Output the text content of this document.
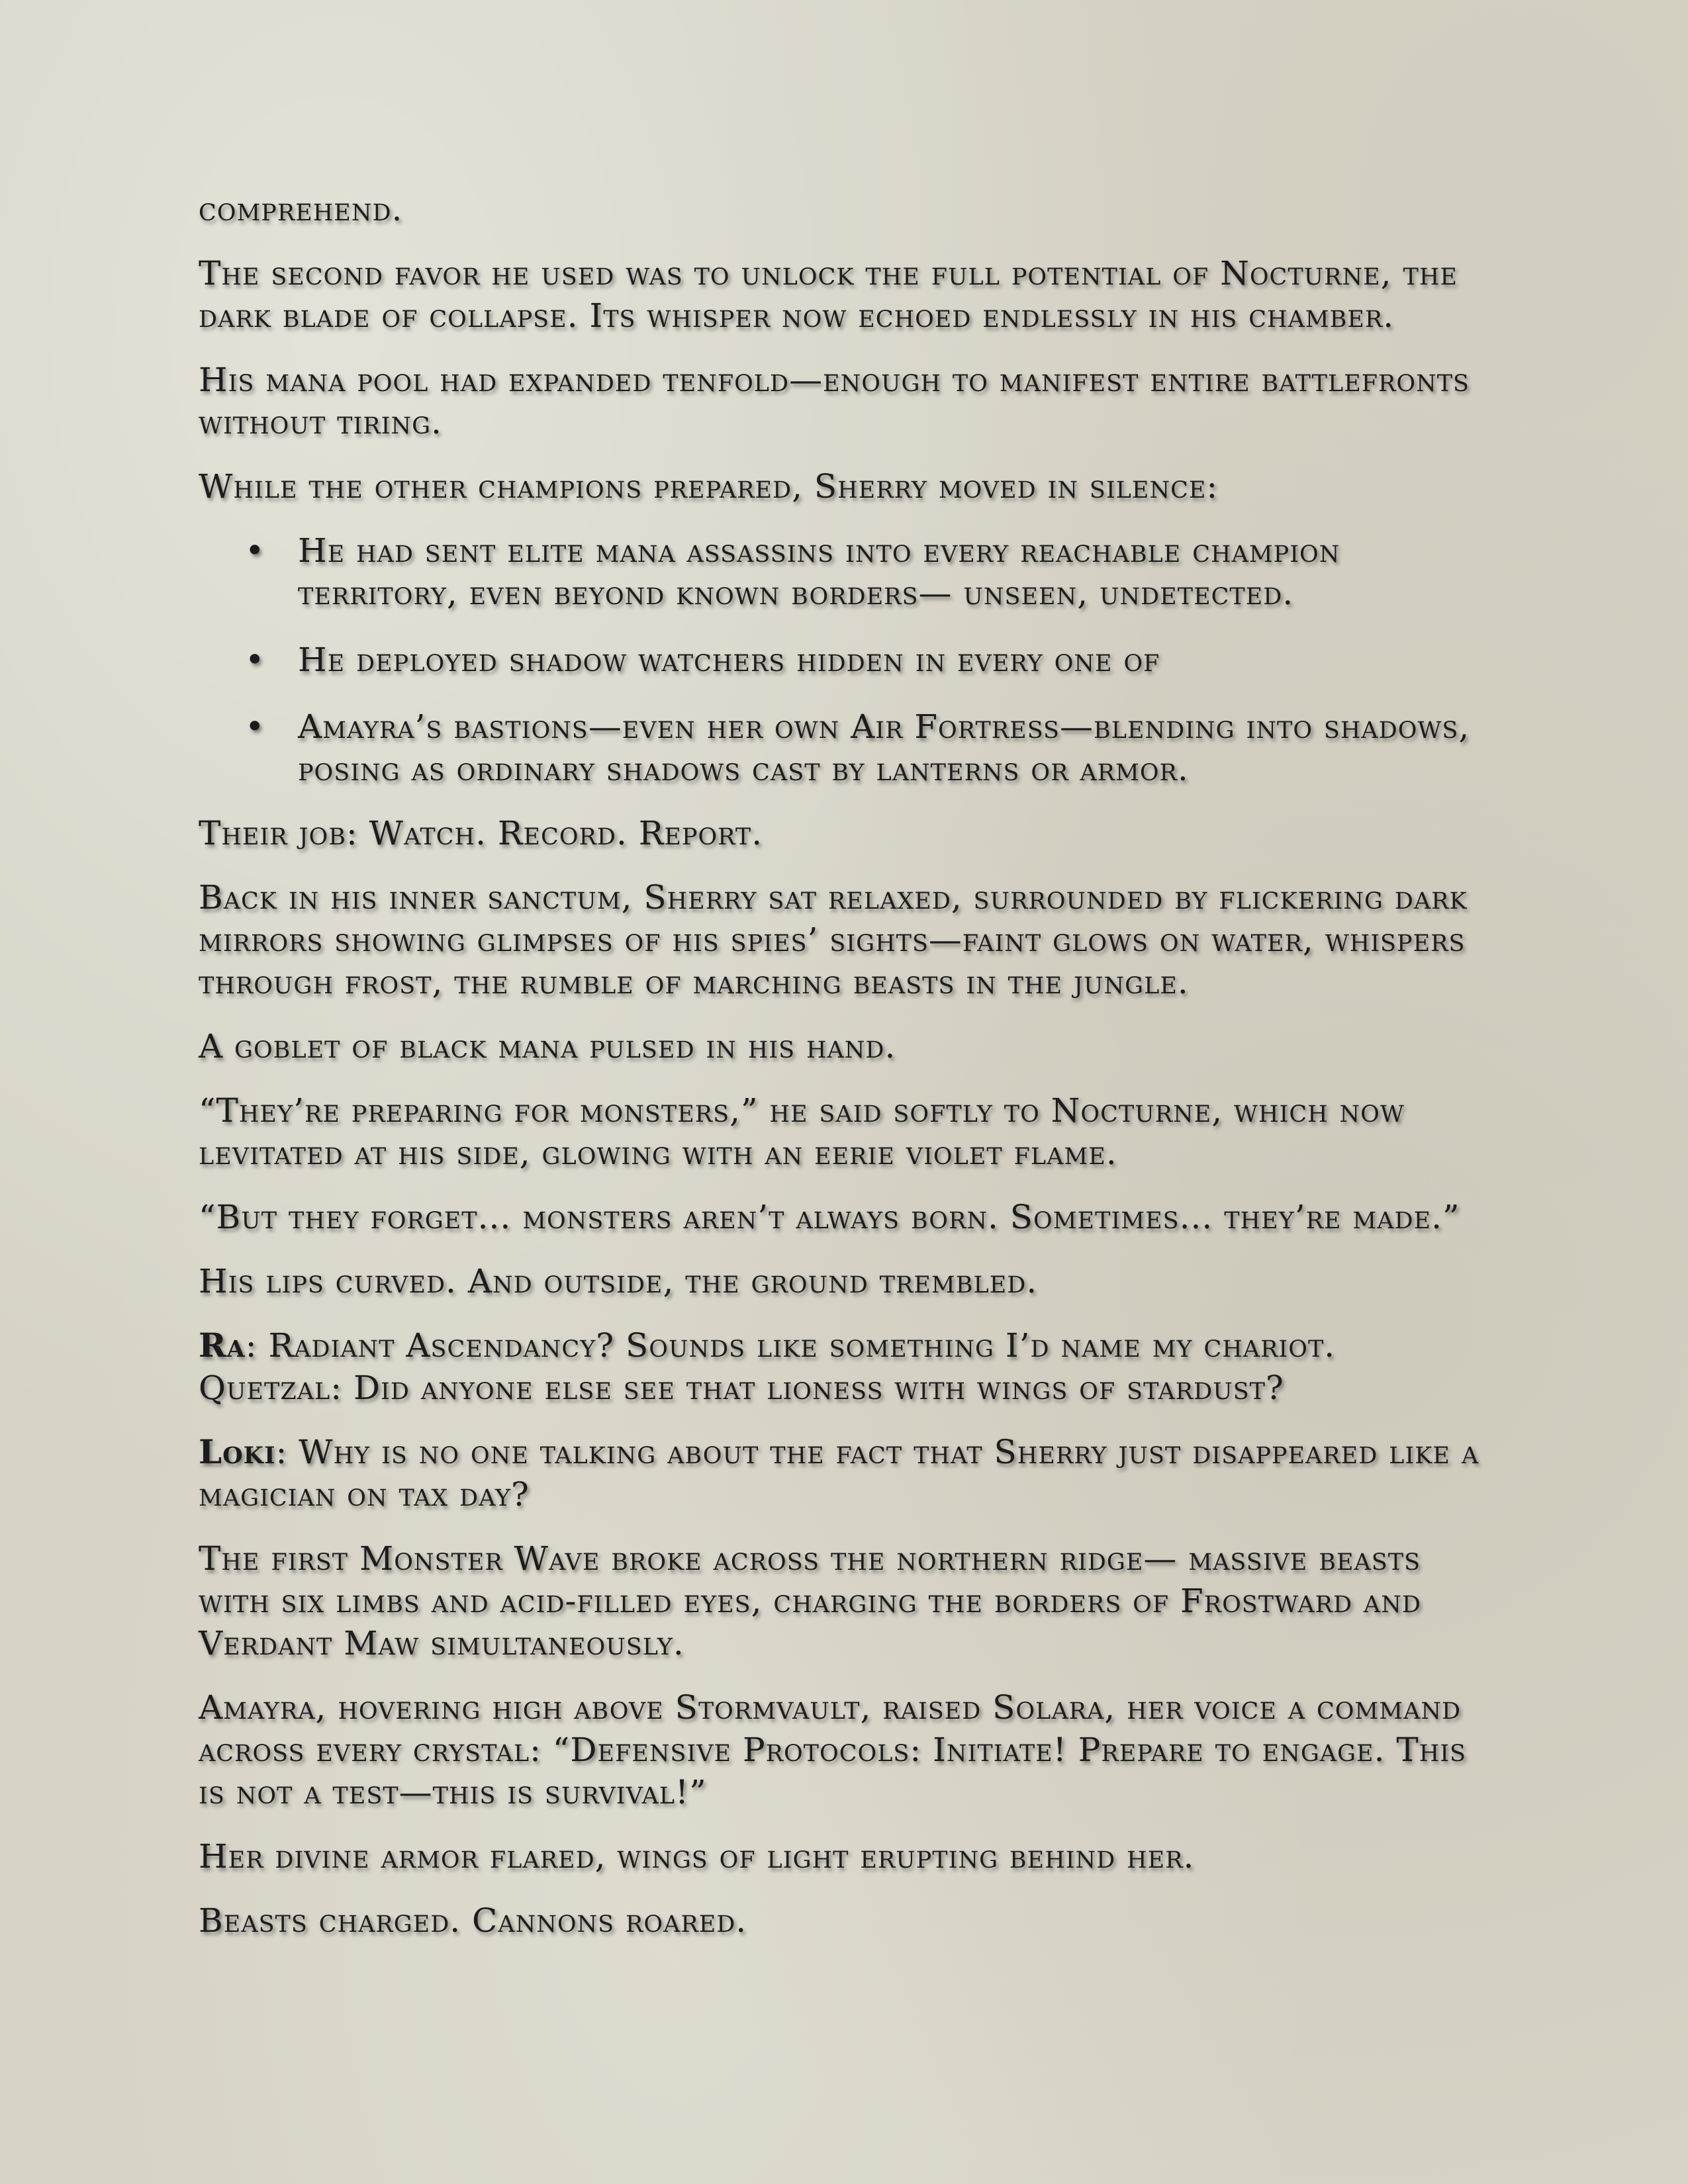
comprehend.

The second favor he used was to unlock the full potential of Nocturne, the dark blade of collapse. Its whisper now echoed endlessly in his chamber.

His mana pool had expanded tenfold—enough to manifest entire battlefronts without tiring.

While the other champions prepared, Sherry moved in silence:

• He had sent elite mana assassins into every reachable champion territory, even beyond known borders— unseen, undetected.
• He deployed shadow watchers hidden in every one of
• Amayra’s bastions—even her own Air Fortress—blending into shadows, posing as ordinary shadows cast by lanterns or armor.

Their job: Watch. Record. Report.

Back in his inner sanctum, Sherry sat relaxed, surrounded by flickering dark mirrors showing glimpses of his spies’ sights—faint glows on water, whispers through frost, the rumble of marching beasts in the jungle.

A goblet of black mana pulsed in his hand.

“They’re preparing for monsters,” he said softly to Nocturne, which now levitated at his side, glowing with an eerie violet flame.

“But they forget... monsters aren’t always born. Sometimes... they’re made.”

His lips curved. And outside, the ground trembled.

Ra: Radiant Ascendancy? Sounds like something I’d name my chariot.
Quetzal: Did anyone else see that lioness with wings of stardust?

Loki: Why is no one talking about the fact that Sherry just disappeared like a magician on tax day?

The first Monster Wave broke across the northern ridge— massive beasts with six limbs and acid-filled eyes, charging the borders of Frostward and Verdant Maw simultaneously.

Amayra, hovering high above Stormvault, raised Solara, her voice a command across every crystal: “Defensive Protocols: Initiate! Prepare to engage. This is not a test—this is survival!”

Her divine armor flared, wings of light erupting behind her.

Beasts charged. Cannons roared.
